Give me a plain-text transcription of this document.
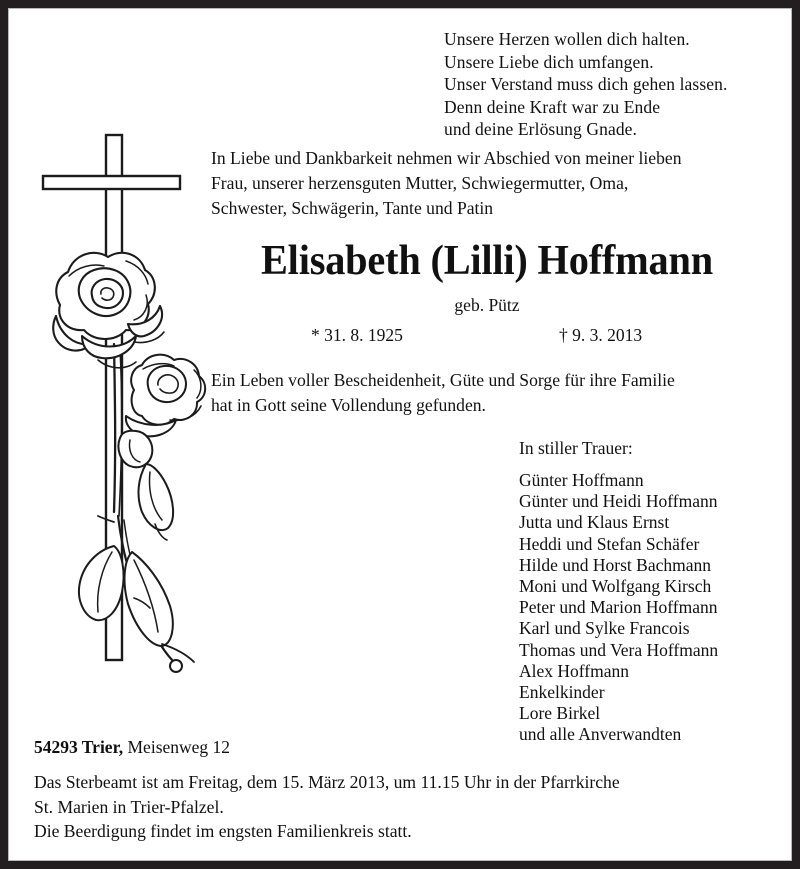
Unsere Herzen wollen dich halten.
Unsere Liebe dich umfangen.
Unser Verstand muss dich gehen lassen.
Denn deine Kraft war zu Ende
und deine Erlösung Gnade.
In Liebe und Dankbarkeit nehmen wir Abschied von meiner lieben
Frau, unserer herzensguten Mutter, Schwiegermutter, Oma,
Schwester, Schwägerin, Tante und Patin
Elisabeth (Lilli) Hoffmann
geb. Pütz
* 31. 8. 1925	† 9. 3. 2013
Ein Leben voller Bescheidenheit, Güte und Sorge für ihre Familie
hat in Gott seine Vollendung gefunden.
In stiller Trauer:
Günter Hoffmann
Günter und Heidi Hoffmann
Jutta und Klaus Ernst
Heddi und Stefan Schäfer
Hilde und Horst Bachmann
Moni und Wolfgang Kirsch
Peter und Marion Hoffmann
Karl und Sylke Francois
Thomas und Vera Hoffmann
Alex Hoffmann
Enkelkinder
Lore Birkel
und alle Anverwandten
54293 Trier, Meisenweg 12
Das Sterbeamt ist am Freitag, dem 15. März 2013, um 11.15 Uhr in der Pfarrkirche
St. Marien in Trier-Pfalzel.
Die Beerdigung findet im engsten Familienkreis statt.
